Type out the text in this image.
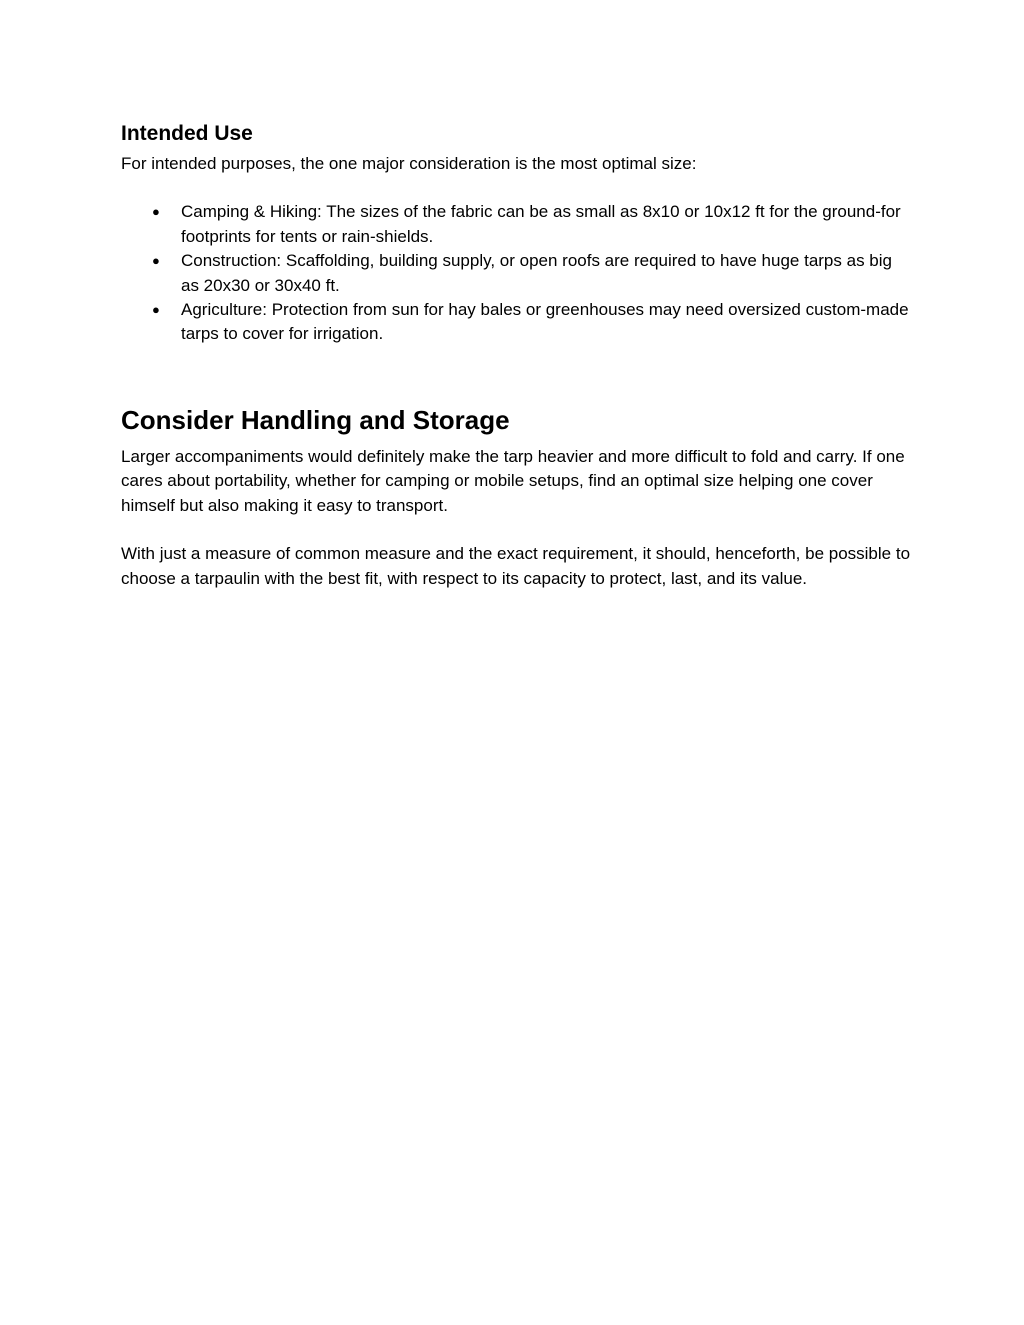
Intended Use

For intended purposes, the one major consideration is the most optimal size:

● Camping & Hiking: The sizes of the fabric can be as small as 8x10 or 10x12 ft for the ground-for footprints for tents or rain-shields.
● Construction: Scaffolding, building supply, or open roofs are required to have huge tarps as big as 20x30 or 30x40 ft.
● Agriculture: Protection from sun for hay bales or greenhouses may need oversized custom-made tarps to cover for irrigation.
Consider Handling and Storage

Larger accompaniments would definitely make the tarp heavier and more difficult to fold and carry. If one cares about portability, whether for camping or mobile setups, find an optimal size helping one cover himself but also making it easy to transport.

With just a measure of common measure and the exact requirement, it should, henceforth, be possible to choose a tarpaulin with the best fit, with respect to its capacity to protect, last, and its value.
